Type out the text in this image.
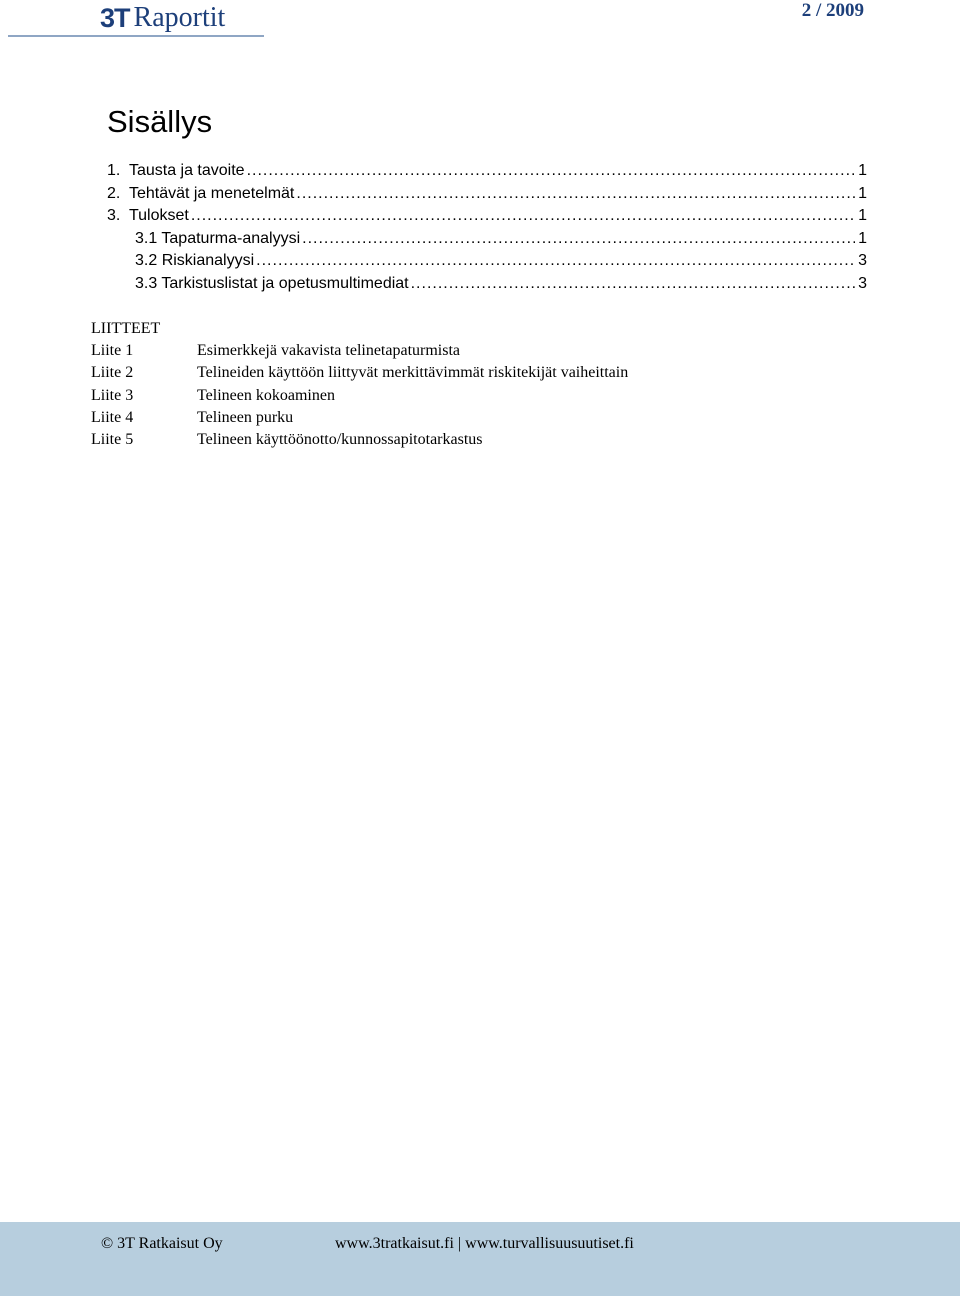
3T Raportit	2 / 2009
Sisällys
1.  Tausta ja tavoite .....	1
2.  Tehtävät ja menetelmät .....	1
3.  Tulokset .....	1
3.1 Tapaturma-analyysi .....	1
3.2 Riskianalyysi .....	3
3.3 Tarkistuslistat ja opetusmultimediat .....	3
LIITTEET
Liite 1	Esimerkkejä vakavista telinetapaturmista
Liite 2	Telineiden käyttöön liittyvät merkittävimmät riskitekijät vaiheittain
Liite 3	Telineen kokoaminen
Liite 4	Telineen purku
Liite 5	Telineen käyttöönotto/kunnossapitotarkastus
© 3T Ratkaisut Oy	www.3tratkaisut.fi | www.turvallisuusuutiset.fi
